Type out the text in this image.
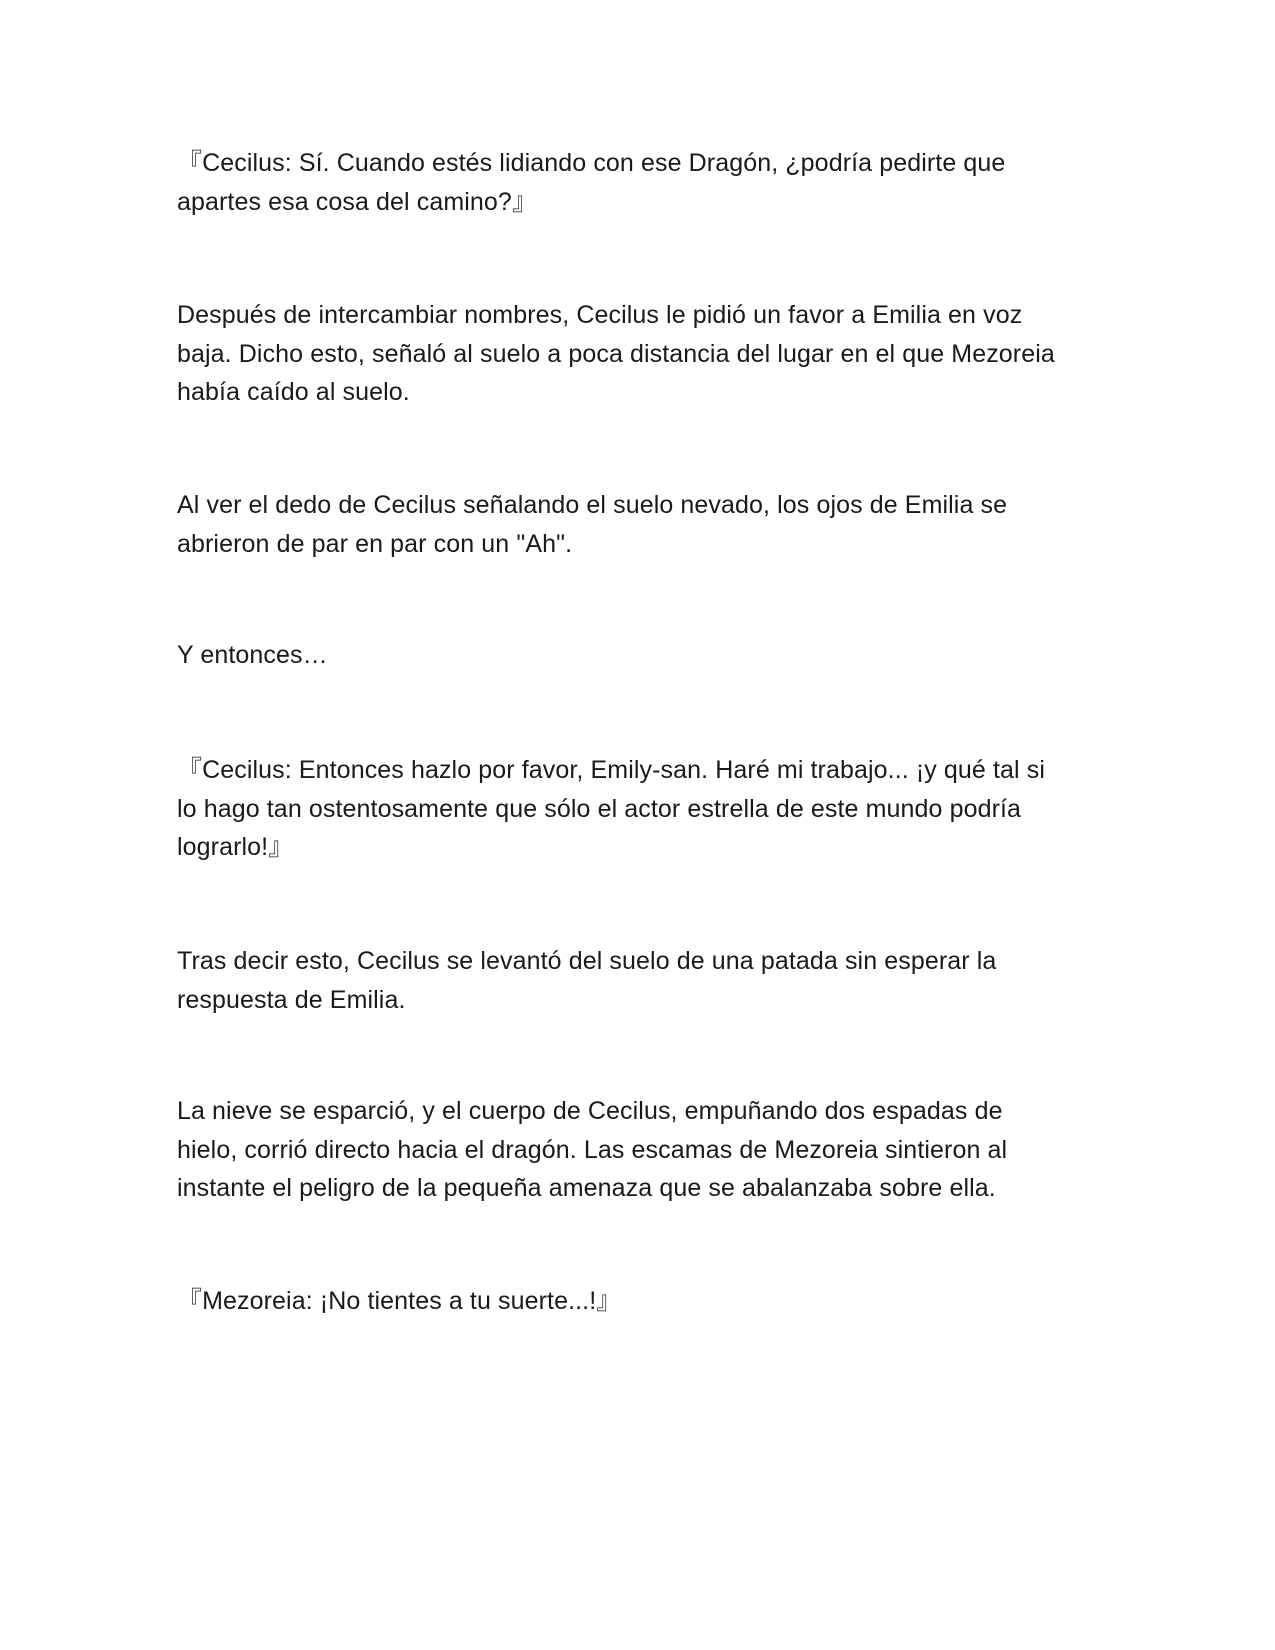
『Cecilus: Sí. Cuando estés lidiando con ese Dragón, ¿podría pedirte que
apartes esa cosa del camino?』

Después de intercambiar nombres, Cecilus le pidió un favor a Emilia en voz
baja. Dicho esto, señaló al suelo a poca distancia del lugar en el que Mezoreia
había caído al suelo.

Al ver el dedo de Cecilus señalando el suelo nevado, los ojos de Emilia se
abrieron de par en par con un "Ah".

Y entonces…

『Cecilus: Entonces hazlo por favor, Emily-san. Haré mi trabajo... ¡y qué tal si
lo hago tan ostentosamente que sólo el actor estrella de este mundo podría
lograrlo!』

Tras decir esto, Cecilus se levantó del suelo de una patada sin esperar la
respuesta de Emilia.

La nieve se esparció, y el cuerpo de Cecilus, empuñando dos espadas de
hielo, corrió directo hacia el dragón. Las escamas de Mezoreia sintieron al
instante el peligro de la pequeña amenaza que se abalanzaba sobre ella.

『Mezoreia: ¡No tientes a tu suerte...!』
